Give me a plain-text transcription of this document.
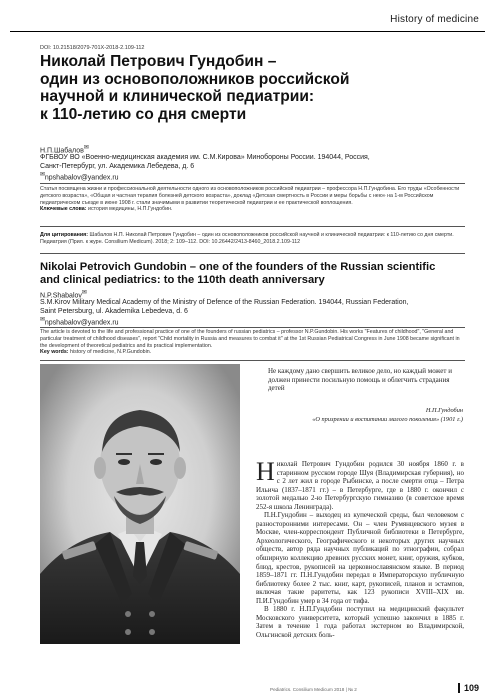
History of medicine
DOI: 10.21518/2079-701X-2018-2.109-112
Николай Петрович Гундобин –
один из основоположников российской
научной и клинической педиатрии:
к 110-летию со дня смерти
Н.П.Шабалов✉
ФГБВОУ ВО «Военно-медицинская академия им. С.М.Кирова» Минобороны России. 194044, Россия,
Санкт-Петербург, ул. Академика Лебедева, д. 6
✉npshabalov@yandex.ru
Статья посвящена жизни и профессиональной деятельности одного из основоположников российской педиатрии – профессора Н.П.Гундобина. Его труды «Особенности детского возраста», «Общая и частная терапия болезней детского возраста», доклад «Детская смертность в России и меры борьбы с нею» на 1-м Российском педиатрическом съезде в июне 1908 г. стали значимыми в развитии теоретической педиатрии и ее практической воплощения.
Ключевые слова: история медицины, Н.П.Гундобин.
Для цитирования: Шабалов Н.П. Николай Петрович Гундобин – один из основоположников российской научной и клинической педиатрии: к 110-летию со дня смерти. Педиатрия (Прил. к журн. Consilium Medicum). 2018; 2: 109–112. DOI: 10.26442/2413-8460_2018.2.109-112
Nikolai Petrovich Gundobin – one of the founders of the Russian scientific
and clinical pediatrics: to the 110th death anniversary
N.P.Shabalov✉
S.M.Kirov Military Medical Academy of the Ministry of Defence of the Russian Federation. 194044, Russian Federation,
Saint Petersburg, ul. Akademika Lebedeva, d. 6
✉npshabalov@yandex.ru
The article is devoted to the life and professional practice of one of the founders of russian pediatrics – professor N.P.Gundobin. His works "Features of childhood", "General and particular treatment of childhood diseases", report "Child mortality in Russia and measures to combat it" at the 1st Russian Pediatrical Congress in June 1908 became significant in the development of theoretical pediatrics and its practical implementation.
Key words: history of medicine, N.P.Gundobin.
Не каждому дано свершить великое дело, но каждый может и должен принести посильную помощь и облегчить страдания детей
Н.П.Гундобин
«О призрении и воспитании малого поколения» (1901 г.)

Николай Петрович Гундобин родился 30 ноября 1860 г. в старинном русском городе Шуя (Владимирская губерния), но с 2 лет жил в городе Рыбинске, а после смерти отца – Петра Ильича (1837–1871 гг.) – в Петербурге, где в 1880 г. окончил с золотой медалью 2-ю Петербургскую гимназию (в советское время 252-я школа Ленинграда).

П.Н.Гундобин – выходец из купеческой среды, был человеком с разносторонними интересами. Он – член Румянцевского музея в Москве, член-корреспондент Публичной библиотеки в Петербурге, Археологического, Географического и некоторых других научных обществ, автор ряда научных публикаций по этнографии, собрал обширную коллекцию древних русских монет, книг, оружия, кубков, блюд, крестов, рукописей на церковнославянском языке. В период 1859–1871 гг. П.Н.Гундобин передал в Императорскую публичную библиотеку более 2 тыс. книг, карт, рукописей, планов и эстампов, включая такие раритеты, как 123 рукописи XVIII–XIX вв. П.И.Гундобин умер в 34 года от тифа.

В 1880 г. Н.П.Гундобин поступил на медицинский факультет Московского университета, который успешно закончил в 1885 г. Затем в течение 1 года работал экстерном во Владимирской, Ольгинской детских боль-

Pediatrics. Consilium Medicum 2018 | № 2	109
